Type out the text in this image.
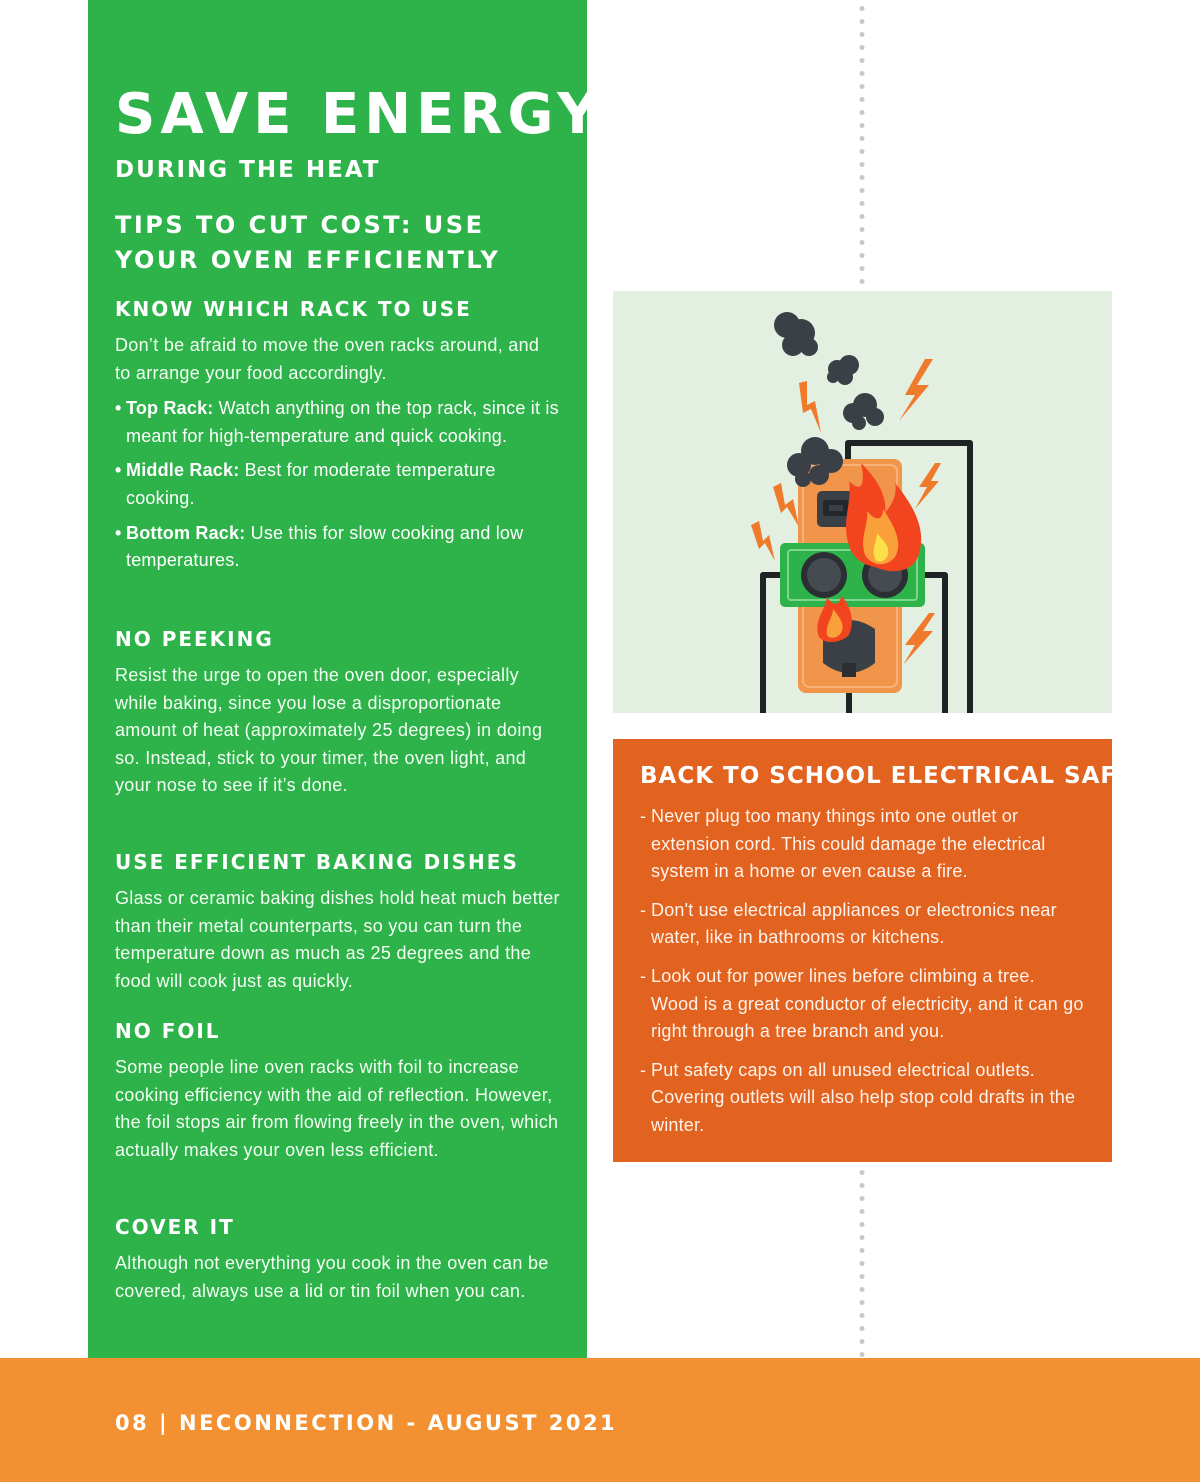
SAVE ENERGY
DURING THE HEAT
TIPS TO CUT COST: USE YOUR OVEN EFFICIENTLY
KNOW WHICH RACK TO USE

Don’t be afraid to move the oven racks around, and to arrange your food accordingly.

• Top Rack: Watch anything on the top rack, since it is meant for high-temperature and quick cooking.
• Middle Rack: Best for moderate temperature cooking.
• Bottom Rack: Use this for slow cooking and low temperatures.
NO PEEKING

Resist the urge to open the oven door, especially while baking, since you lose a disproportionate amount of heat (approximately 25 degrees) in doing so. Instead, stick to your timer, the oven light, and your nose to see if it’s done.

USE EFFICIENT BAKING DISHES

Glass or ceramic baking dishes hold heat much better than their metal counterparts, so you can turn the temperature down as much as 25 degrees and the food will cook just as quickly.

NO FOIL

Some people line oven racks with foil to increase cooking efficiency with the aid of reflection. However, the foil stops air from flowing freely in the oven, which actually makes your oven less efficient.

COVER IT

Although not everything you cook in the oven can be covered, always use a lid or tin foil when you can.

BACK TO SCHOOL ELECTRICAL SAFETY
- Never plug too many things into one outlet or extension cord. This could damage the electrical system in a home or even cause a fire.
- Don't use electrical appliances or electronics near water, like in bathrooms or kitchens.
- Look out for power lines before climbing a tree. Wood is a great conductor of electricity, and it can go right through a tree branch and you.
- Put safety caps on all unused electrical outlets. Covering outlets will also help stop cold drafts in the winter.
08 | NECONNECTION - AUGUST 2021
